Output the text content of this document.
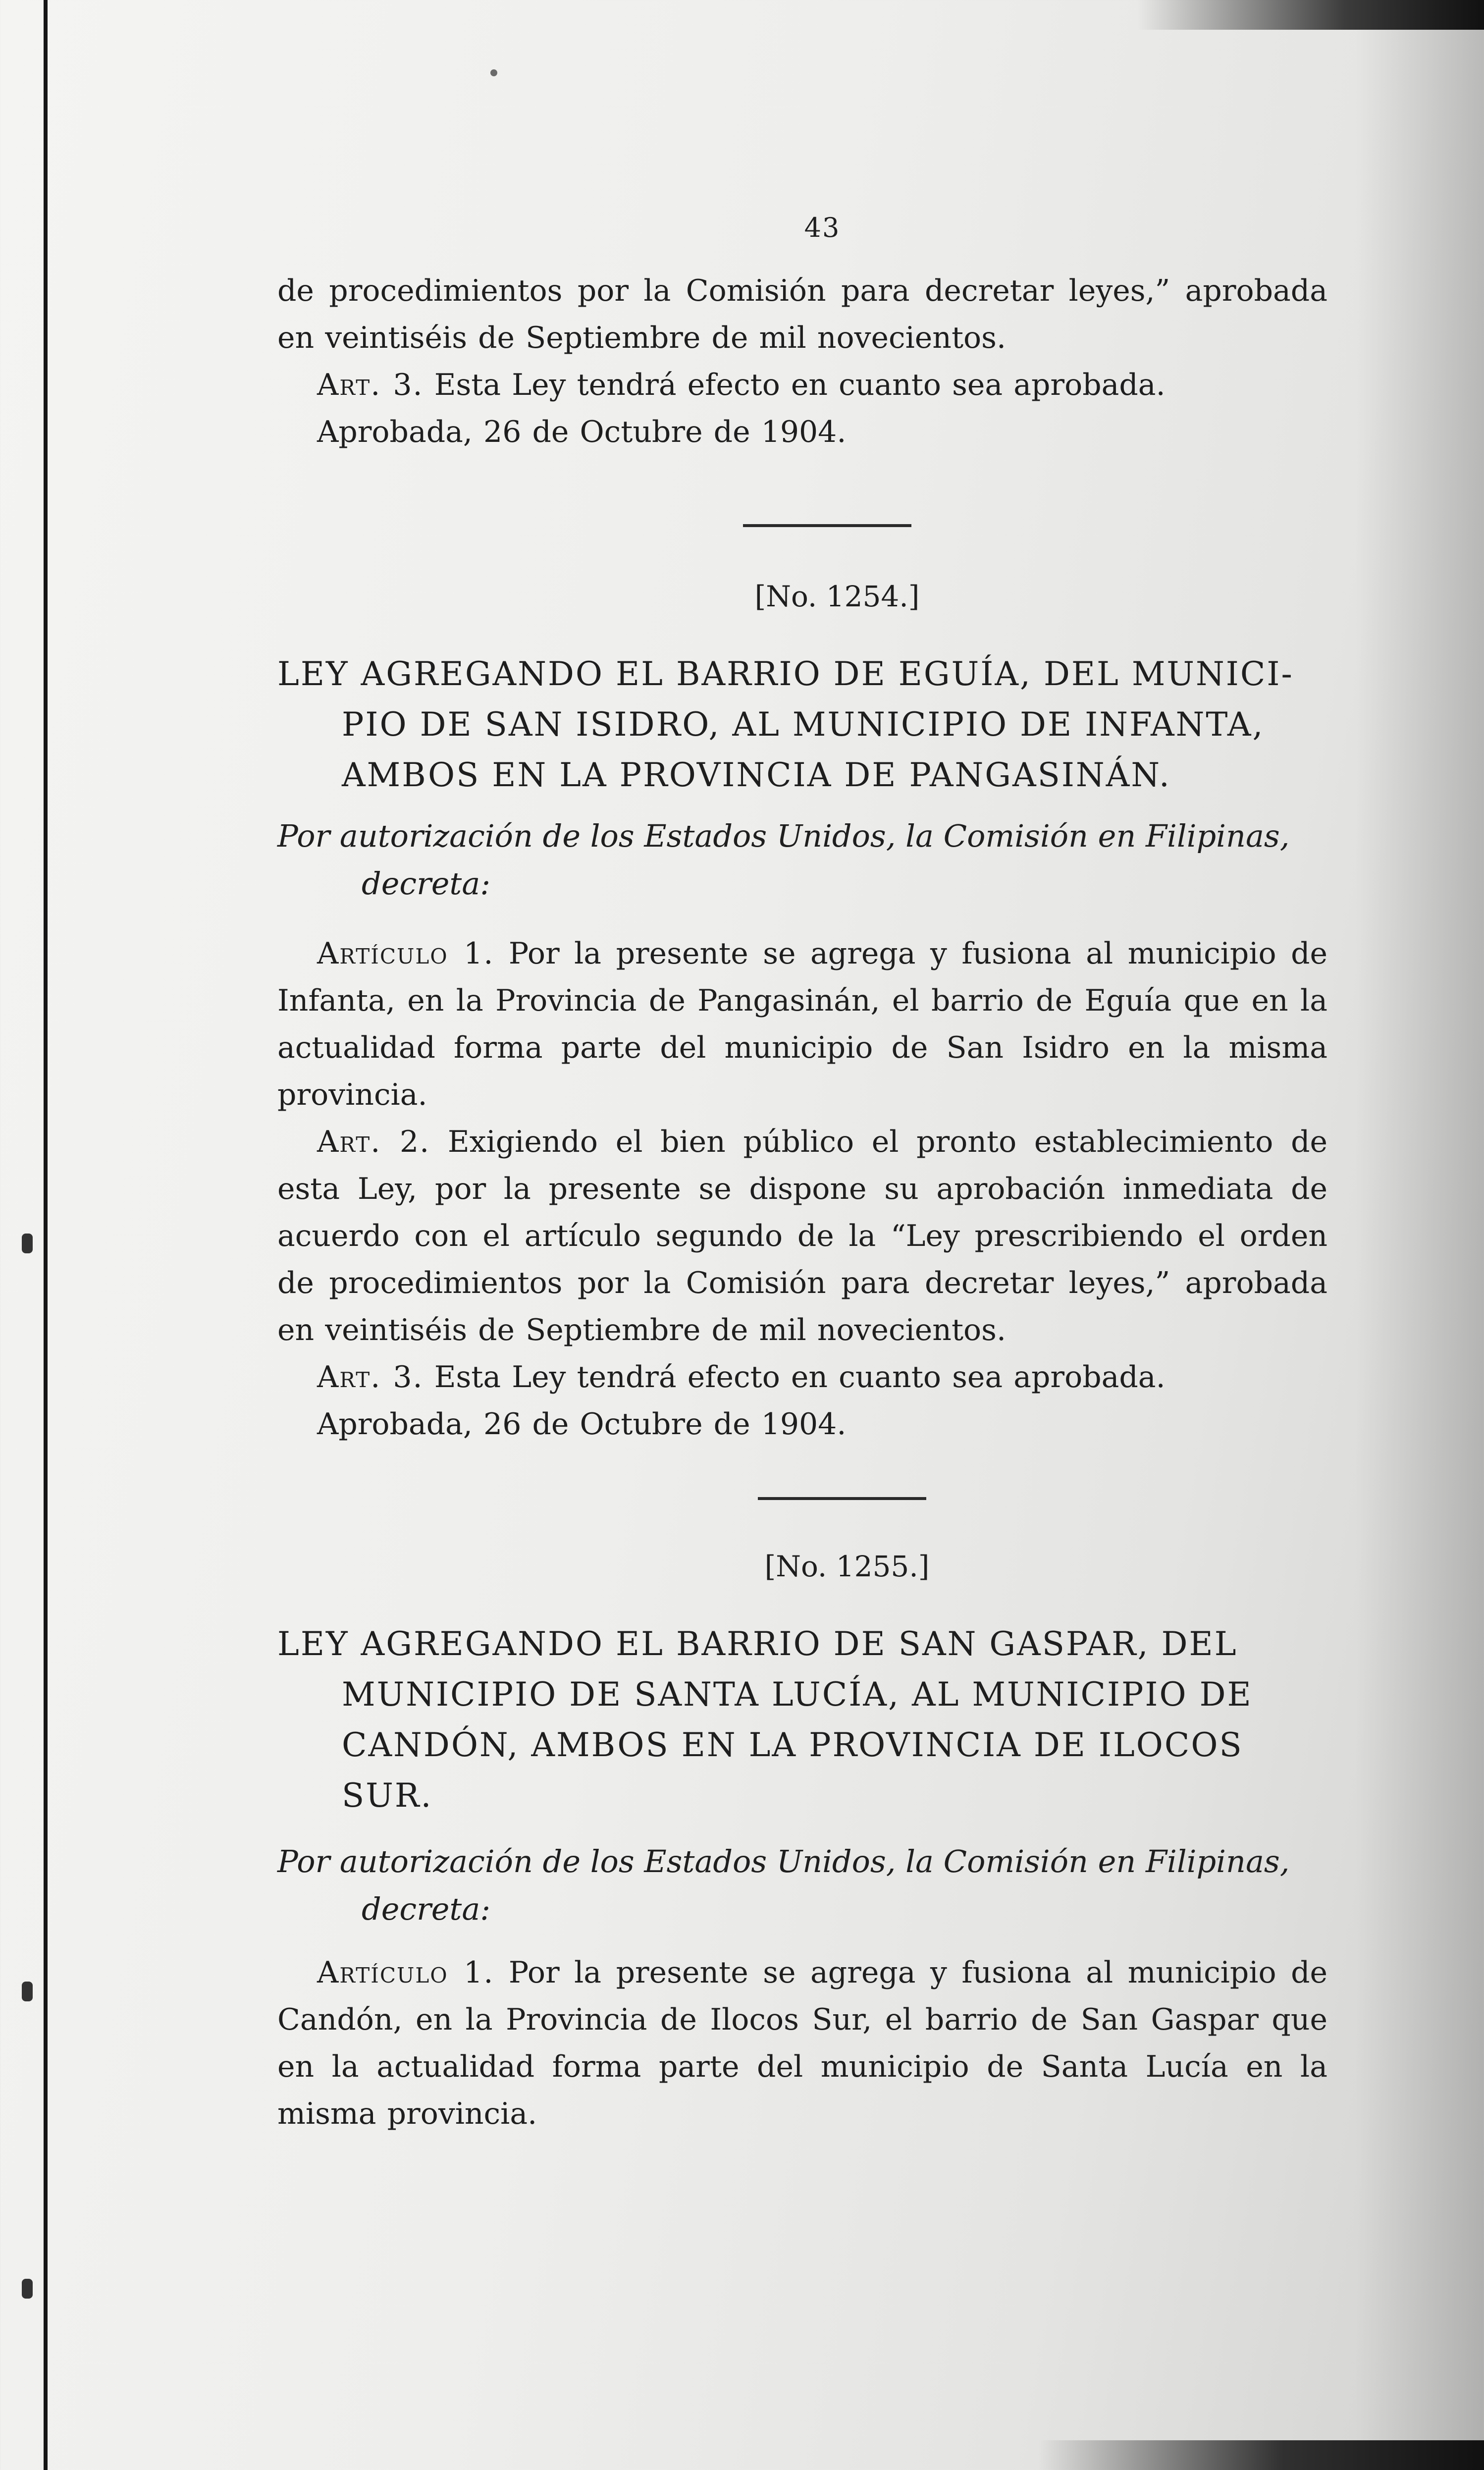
43

de procedimientos por la Comisión para decretar leyes,” aprobada en veintiséis de Septiembre de mil novecientos.

Art. 3. Esta Ley tendrá efecto en cuanto sea aprobada.

Aprobada, 26 de Octubre de 1904.

[No. 1254.]
LEY AGREGANDO EL BARRIO DE EGUÍA, DEL MUNICI-
PIO DE SAN ISIDRO, AL MUNICIPIO DE INFANTA,
AMBOS EN LA PROVINCIA DE PANGASINÁN.
Por autorización de los Estados Unidos, la Comisión en Filipinas,
decreta:

Artículo 1. Por la presente se agrega y fusiona al municipio de Infanta, en la Provincia de Pangasinán, el barrio de Eguía que en la actualidad forma parte del municipio de San Isidro en la misma provincia.

Art. 2. Exigiendo el bien público el pronto establecimiento de esta Ley, por la presente se dispone su aprobación inmediata de acuerdo con el artículo segundo de la “Ley prescribiendo el orden de procedimientos por la Comisión para decretar leyes,” aprobada en veintiséis de Septiembre de mil novecientos.

Art. 3. Esta Ley tendrá efecto en cuanto sea aprobada.

Aprobada, 26 de Octubre de 1904.

[No. 1255.]
LEY AGREGANDO EL BARRIO DE SAN GASPAR, DEL
MUNICIPIO DE SANTA LUCÍA, AL MUNICIPIO DE
CANDÓN, AMBOS EN LA PROVINCIA DE ILOCOS
SUR.
Por autorización de los Estados Unidos, la Comisión en Filipinas,
decreta:

Artículo 1. Por la presente se agrega y fusiona al municipio de Candón, en la Provincia de Ilocos Sur, el barrio de San Gaspar que en la actualidad forma parte del municipio de Santa Lucía en la misma provincia.
